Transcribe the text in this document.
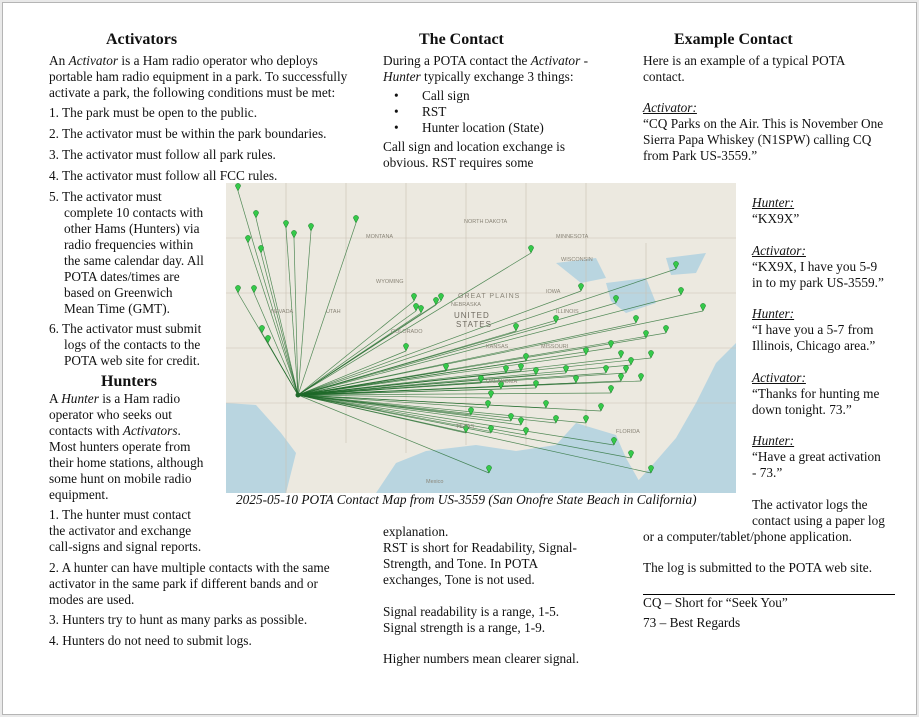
Activators
An Activator is a Ham radio operator who deploys
portable ham radio equipment in a park. To successfully
activate a park, the following conditions must be met:
1. The park must be open to the public.
2. The activator must be within the park boundaries.
3. The activator must follow all park rules.
4. The activator must follow all FCC rules.
5. The activator must
complete 10 contacts with
other Hams (Hunters) via
radio frequencies within
the same calendar day. All
POTA dates/times are
based on Greenwich
Mean Time (GMT).
6. The activator must submit
logs of the contacts to the
POTA web site for credit.
Hunters
A Hunter is a Ham radio
operator who seeks out
contacts with Activators.
Most hunters operate from
their home stations, although
some hunt on mobile radio
equipment.
1. The hunter must contact
the activator and exchange
call-signs and signal reports.
2. A hunter can have multiple contacts with the same
activator in the same park if different bands and or
modes are used.
3. Hunters try to hunt as many parks as possible.
4. Hunters do not need to submit logs.
The Contact
During a POTA contact the Activator -
Hunter typically exchange 3 things:
• Call sign
• RST
• Hunter location (State)
Call sign and location exchange is
obvious. RST requires some
explanation.
RST is short for Readability, Signal-
Strength, and Tone. In POTA
exchanges, Tone is not used.
Signal readability is a range, 1-5.
Signal strength is a range, 1-9.
Higher numbers mean clearer signal.
Example Contact
Here is an example of a typical POTA
contact.
Activator:
“CQ Parks on the Air. This is November One
Sierra Papa Whiskey (N1SPW) calling CQ
from Park US-3559.”
Hunter:
“KX9X”
Activator:
“KX9X, I have you 5-9
in to my park US-3559.”
Hunter:
“I have you a 5-7 from
Illinois, Chicago area.”
Activator:
“Thanks for hunting me
down tonight. 73.”
Hunter:
“Have a great activation
- 73.”
The activator logs the
contact using a paper log
or a computer/tablet/phone application.
The log is submitted to the POTA web site.
CQ – Short for “Seek You”
73 – Best Regards
NORTH DAKOTA
MINNESOTA
MONTANA
WISCONSIN
WYOMING
IOWA
GREAT PLAINS
NEBRASKA
UNITED
STATES
NEVADA	UTAH
COLORADO
KANSAS	MISSOURI
ILLINOIS
OKLAHOMA
TEXAS
FLORIDA
Mexico
2025-05-10 POTA Contact Map from US-3559 (San Onofre State Beach in California)
